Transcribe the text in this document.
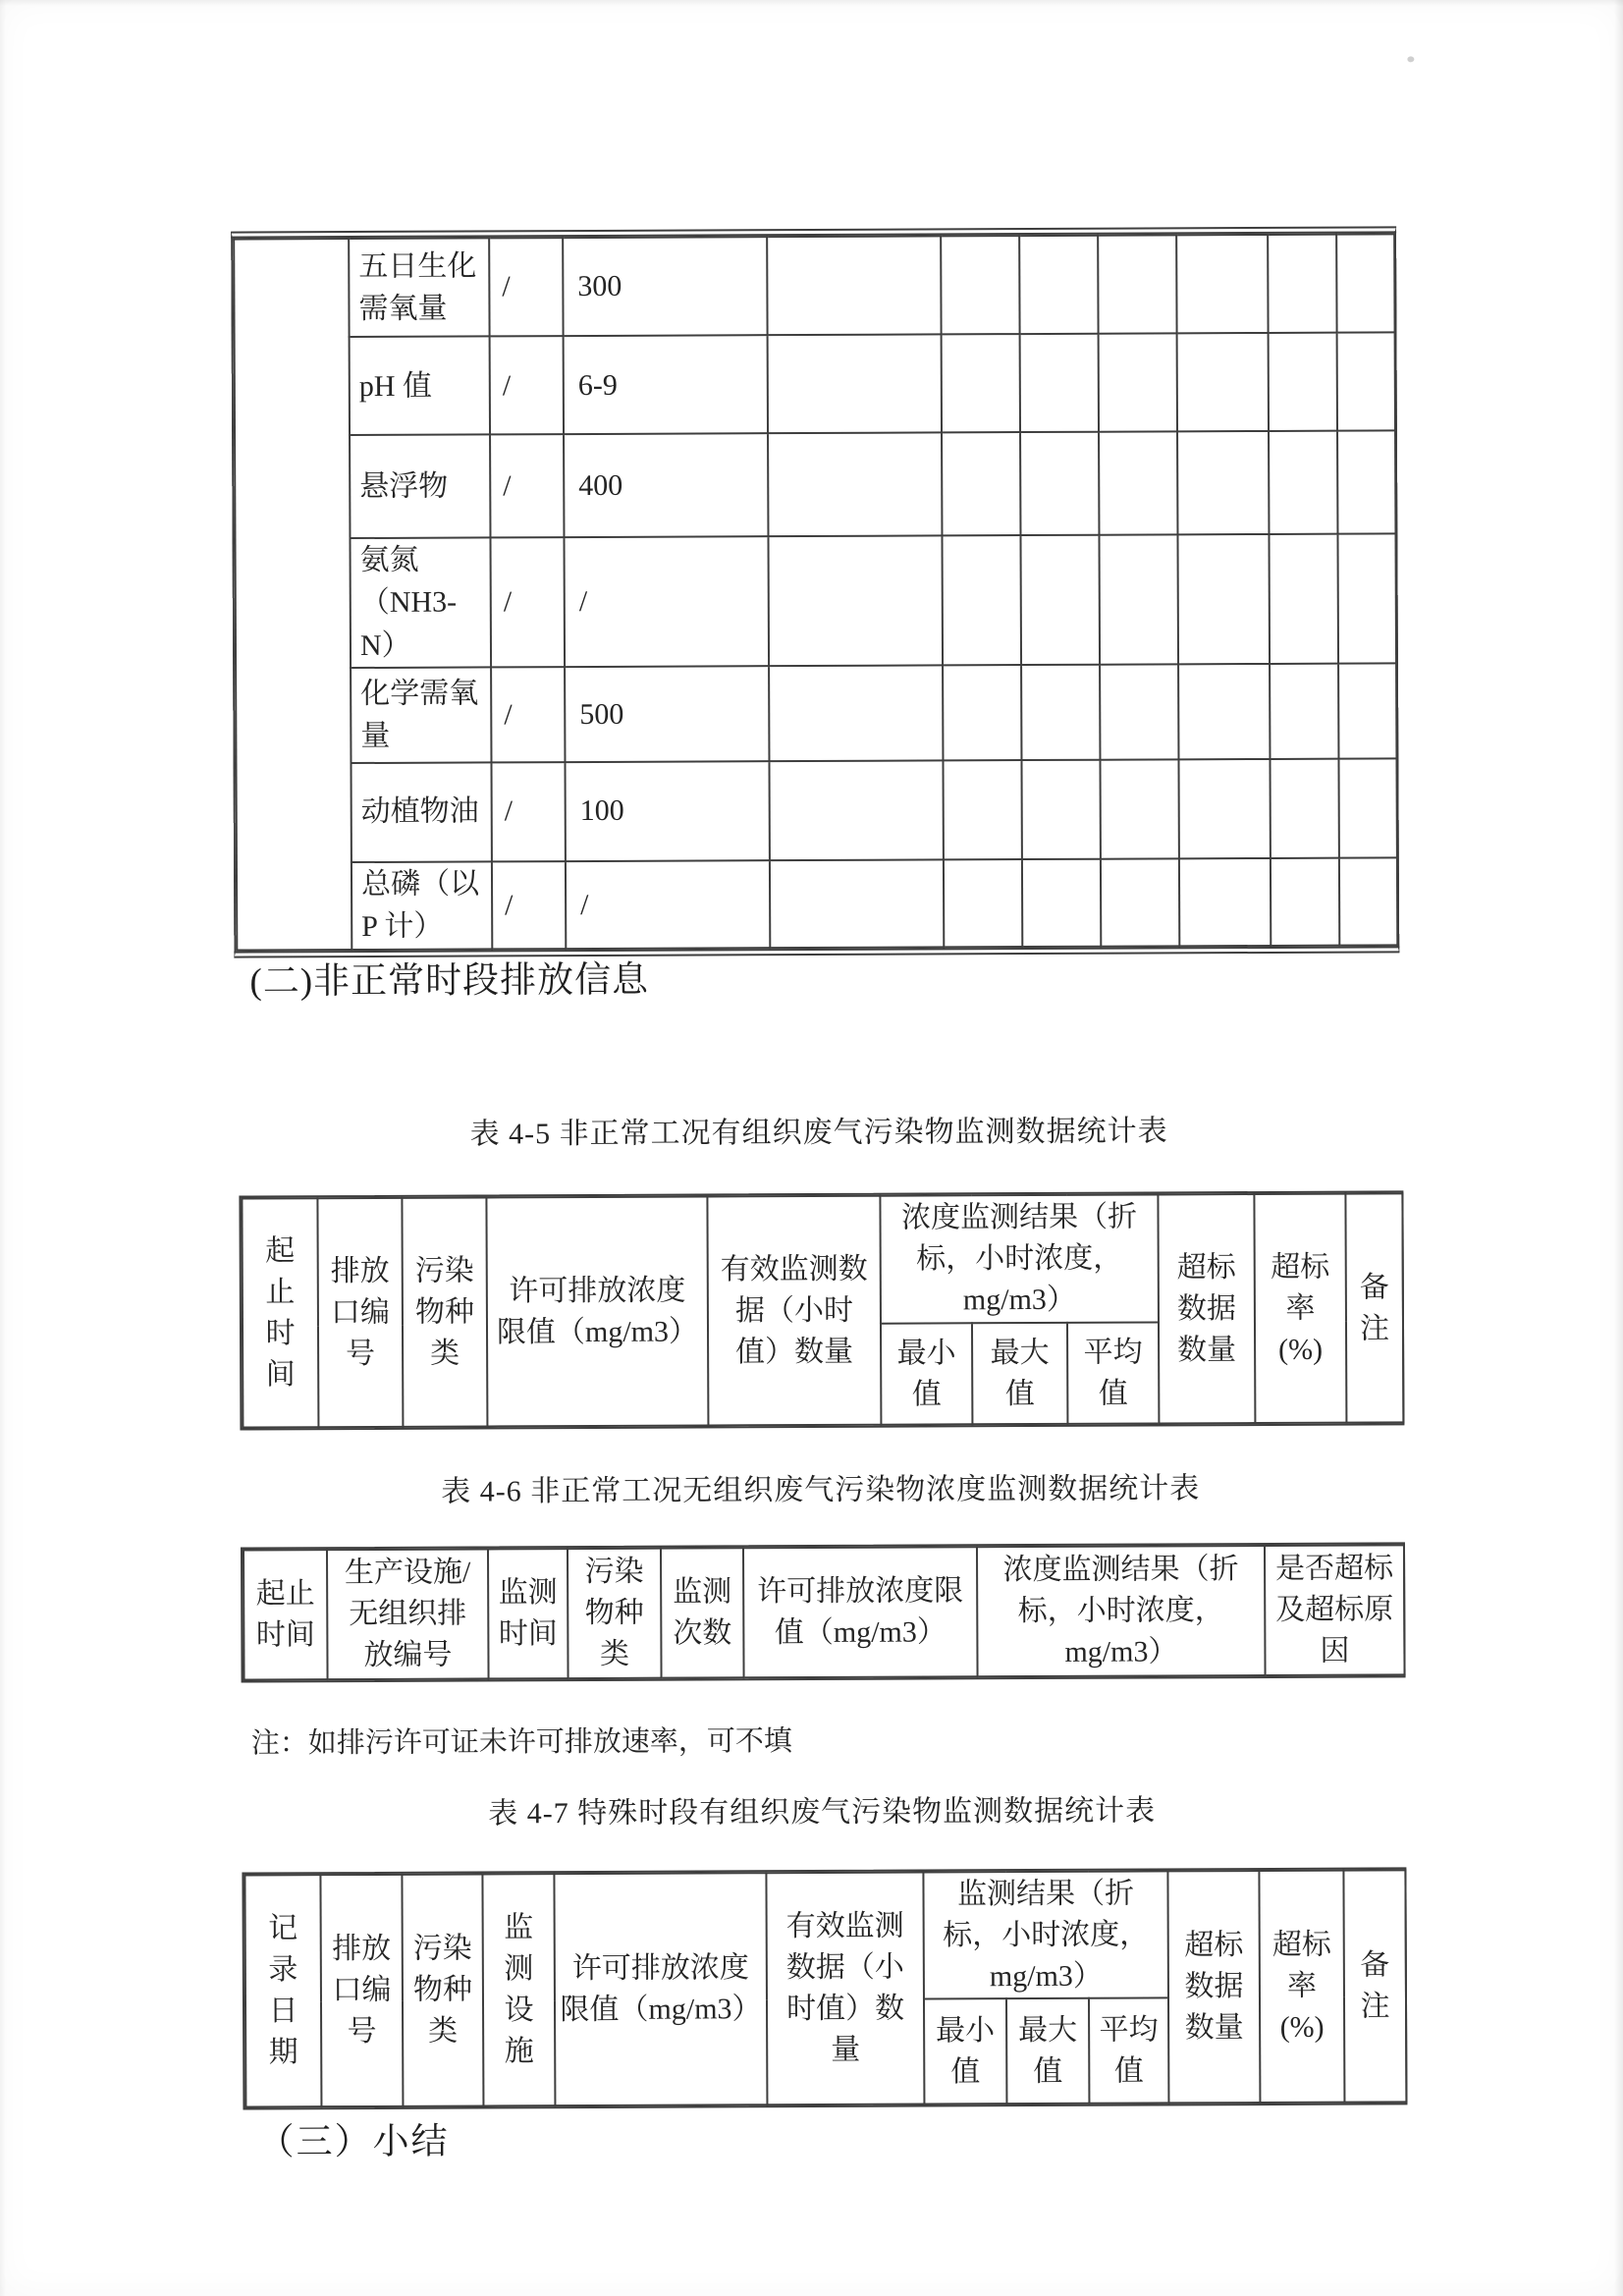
	五日生化
需氧量	/	300							
	pH 值	/	6-9							
	悬浮物	/	400							
	氨氮
（NH3-
N）	/	/							
	化学需氧
量	/	500							
	动植物油	/	100							
	总磷（以
P 计）	/	/							
(二)非正常时段排放信息
表 4-5 非正常工况有组织废气污染物监测数据统计表
起
止
时
间	排放
口编
号	污染
物种
类	许可排放浓度
限值（mg/m3）	有效监测数
据（小时
值）数量	浓度监测结果（折
标，小时浓度，
mg/m3）			超标
数据
数量	超标
率
(%)	备
注
					最小
值	最大
值	平均
值			
表 4-6 非正常工况无组织废气污染物浓度监测数据统计表
起止
时间	生产设施/
无组织排
放编号	监测
时间	污染
物种
类	监测
次数	许可排放浓度限
值（mg/m3）	浓度监测结果（折
标，小时浓度，
mg/m3）	是否超标
及超标原
因
注：如排污许可证未许可排放速率，可不填
表 4-7 特殊时段有组织废气污染物监测数据统计表
记
录
日
期	排放
口编
号	污染
物种
类	监
测
设
施	许可排放浓度
限值（mg/m3）	有效监测
数据（小
时值）数
量	监测结果（折
标，小时浓度，
mg/m3）			超标
数据
数量	超标
率
(%)	备
注
						最小
值	最大
值	平均
值			
（三）小结
